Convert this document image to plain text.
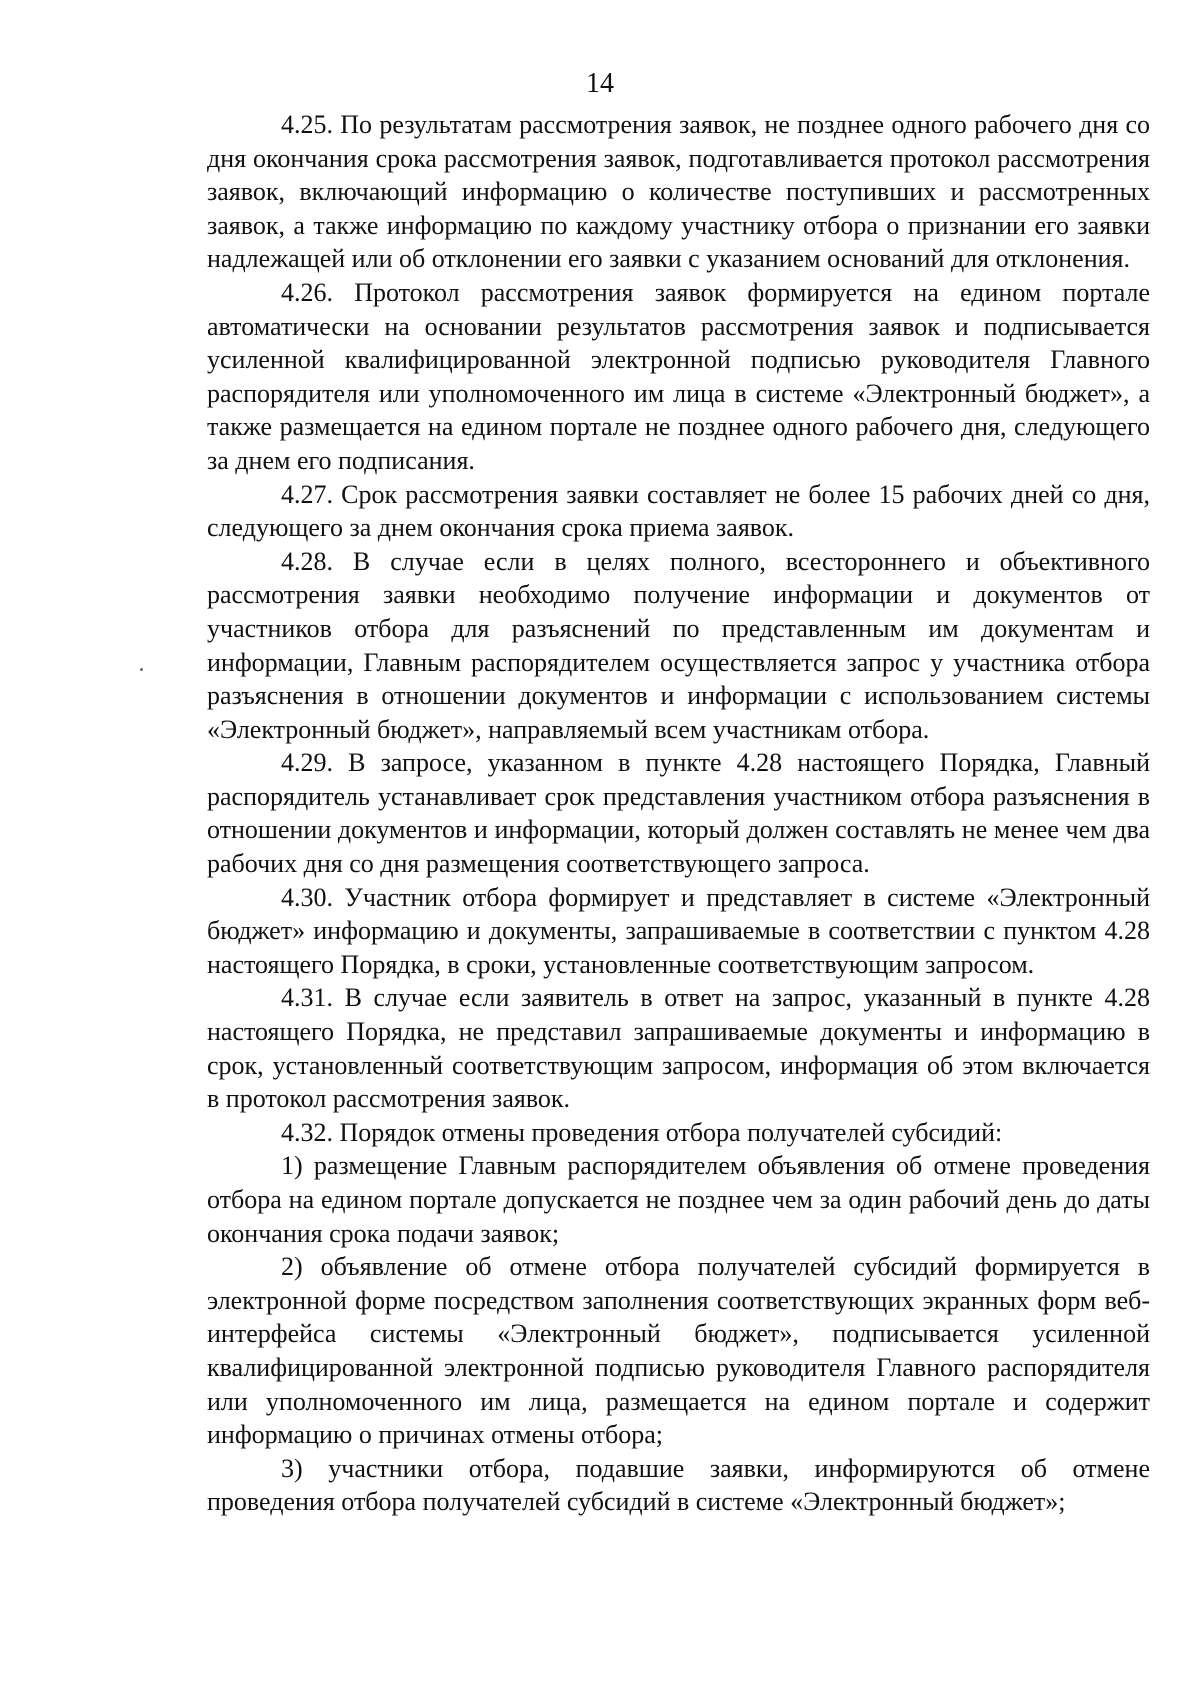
14

4.25. По результатам рассмотрения заявок, не позднее одного рабочего дня со дня окончания срока рассмотрения заявок, подготавливается протокол рассмотрения заявок, включающий информацию о количестве поступивших и рассмотренных заявок, а также информацию по каждому участнику отбора о признании его заявки надлежащей или об отклонении его заявки с указанием оснований для отклонения.

4.26. Протокол рассмотрения заявок формируется на едином портале автоматически на основании результатов рассмотрения заявок и подписывается усиленной квалифицированной электронной подписью руководителя Главного распорядителя или уполномоченного им лица в системе «Электронный бюджет», а также размещается на едином портале не позднее одного рабочего дня, следующего за днем его подписания.

4.27. Срок рассмотрения заявки составляет не более 15 рабочих дней со дня, следующего за днем окончания срока приема заявок.

4.28. В случае если в целях полного, всестороннего и объективного рассмотрения заявки необходимо получение информации и документов от участников отбора для разъяснений по представленным им документам и информации, Главным распорядителем осуществляется запрос у участника отбора разъяснения в отношении документов и информации с использованием системы «Электронный бюджет», направляемый всем участникам отбора.

4.29. В запросе, указанном в пункте 4.28 настоящего Порядка, Главный распорядитель устанавливает срок представления участником отбора разъяснения в отношении документов и информации, который должен составлять не менее чем два рабочих дня со дня размещения соответствующего запроса.

4.30. Участник отбора формирует и представляет в системе «Электронный бюджет» информацию и документы, запрашиваемые в соответствии с пунктом 4.28 настоящего Порядка, в сроки, установленные соответствующим запросом.

4.31. В случае если заявитель в ответ на запрос, указанный в пункте 4.28 настоящего Порядка, не представил запрашиваемые документы и информацию в срок, установленный соответствующим запросом, информация об этом включается в протокол рассмотрения заявок.

4.32. Порядок отмены проведения отбора получателей субсидий:

1) размещение Главным распорядителем объявления об отмене проведения отбора на едином портале допускается не позднее чем за один рабочий день до даты окончания срока подачи заявок;

2) объявление об отмене отбора получателей субсидий формируется в электронной форме посредством заполнения соответствующих экранных форм веб-интерфейса системы «Электронный бюджет», подписывается усиленной квалифицированной электронной подписью руководителя Главного распорядителя или уполномоченного им лица, размещается на едином портале и содержит информацию о причинах отмены отбора;

3) участники отбора, подавшие заявки, информируются об отмене проведения отбора получателей субсидий в системе «Электронный бюджет»;
